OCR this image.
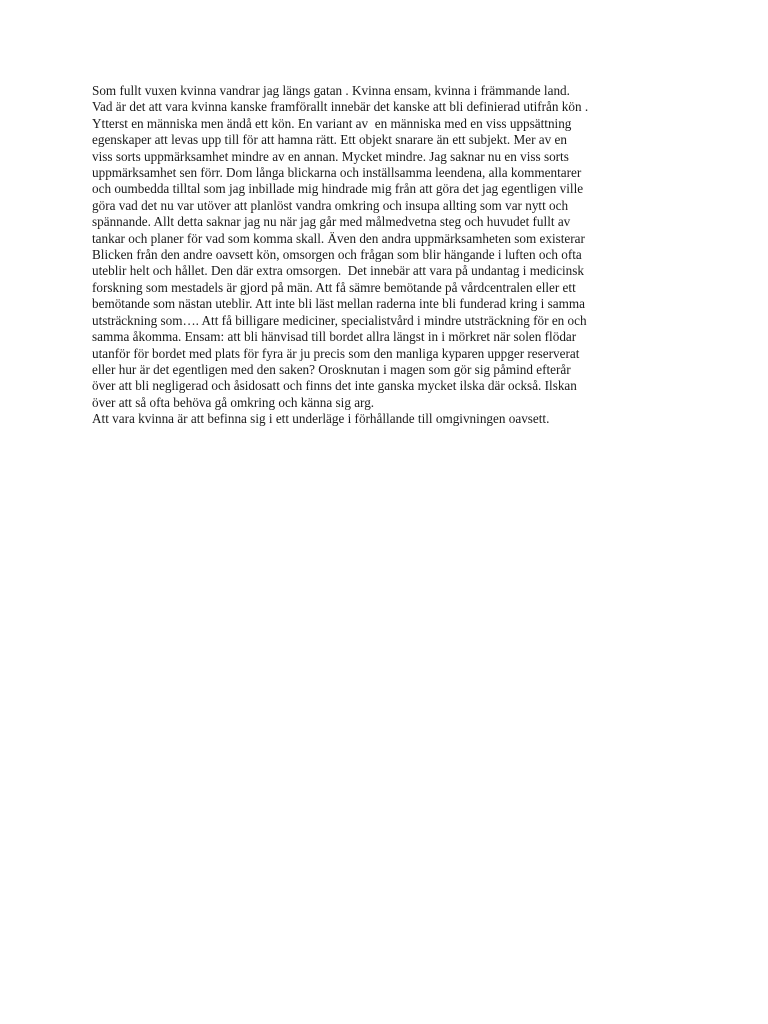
Som fullt vuxen kvinna vandrar jag längs gatan . Kvinna ensam, kvinna i främmande land.
Vad är det att vara kvinna kanske framförallt innebär det kanske att bli definierad utifrån kön .
Ytterst en människa men ändå ett kön. En variant av  en människa med en viss uppsättning
egenskaper att levas upp till för att hamna rätt. Ett objekt snarare än ett subjekt. Mer av en
viss sorts uppmärksamhet mindre av en annan. Mycket mindre. Jag saknar nu en viss sorts
uppmärksamhet sen förr. Dom långa blickarna och inställsamma leendena, alla kommentarer
och oumbedda tilltal som jag inbillade mig hindrade mig från att göra det jag egentligen ville
göra vad det nu var utöver att planlöst vandra omkring och insupa allting som var nytt och
spännande. Allt detta saknar jag nu när jag går med målmedvetna steg och huvudet fullt av
tankar och planer för vad som komma skall. Även den andra uppmärksamheten som existerar
Blicken från den andre oavsett kön, omsorgen och frågan som blir hängande i luften och ofta
uteblir helt och hållet. Den där extra omsorgen.  Det innebär att vara på undantag i medicinsk
forskning som mestadels är gjord på män. Att få sämre bemötande på vårdcentralen eller ett
bemötande som nästan uteblir. Att inte bli läst mellan raderna inte bli funderad kring i samma
utsträckning som…. Att få billigare mediciner, specialistvård i mindre utsträckning för en och
samma åkomma. Ensam: att bli hänvisad till bordet allra längst in i mörkret när solen flödar
utanför för bordet med plats för fyra är ju precis som den manliga kyparen uppger reserverat
eller hur är det egentligen med den saken? Orosknutan i magen som gör sig påmind efterår
över att bli negligerad och åsidosatt och finns det inte ganska mycket ilska där också. Ilskan
över att så ofta behöva gå omkring och känna sig arg.
Att vara kvinna är att befinna sig i ett underläge i förhållande till omgivningen oavsett.
